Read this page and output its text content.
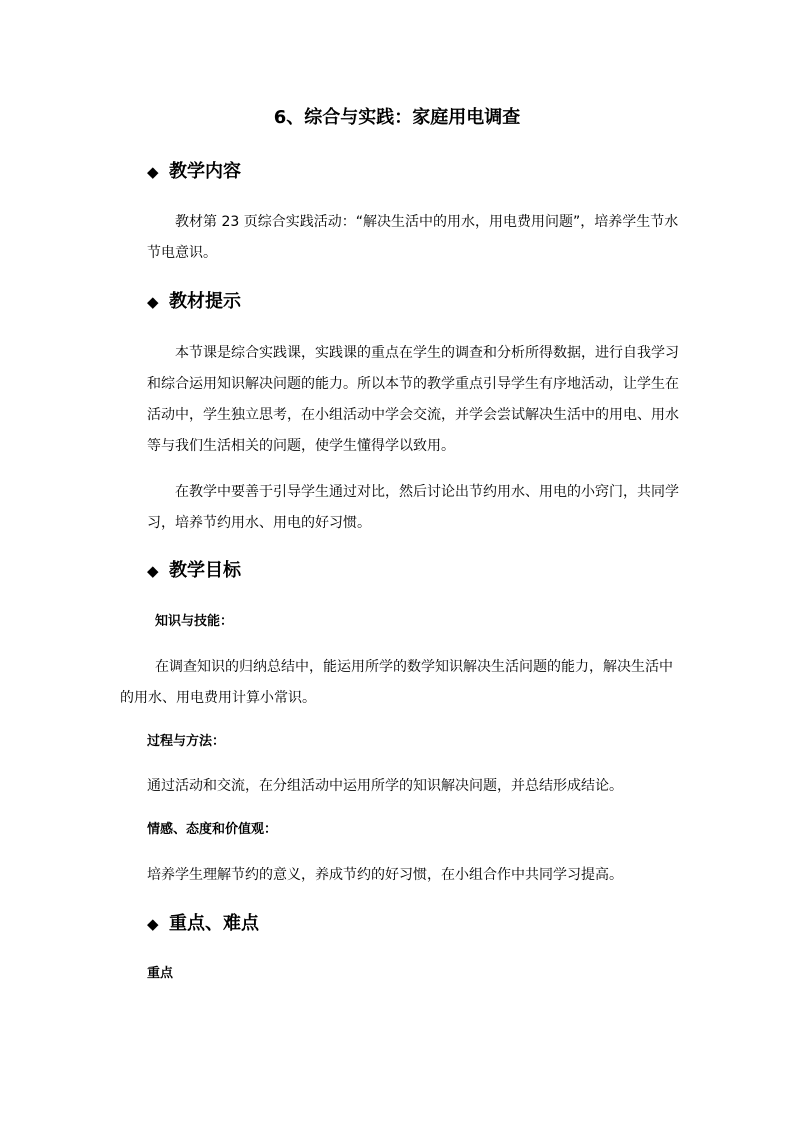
6、综合与实践：家庭用电调查
◆ 教学内容
教材第 23 页综合实践活动：“解决生活中的用水，用电费用问题”，培养学生节水
节电意识。
◆ 教材提示
本节课是综合实践课，实践课的重点在学生的调查和分析所得数据，进行自我学习
和综合运用知识解决问题的能力。所以本节的教学重点引导学生有序地活动，让学生在
活动中，学生独立思考，在小组活动中学会交流，并学会尝试解决生活中的用电、用水
等与我们生活相关的问题，使学生懂得学以致用。
在教学中要善于引导学生通过对比，然后讨论出节约用水、用电的小窍门，共同学
习，培养节约用水、用电的好习惯。
◆ 教学目标
知识与技能：
在调查知识的归纳总结中，能运用所学的数学知识解决生活问题的能力，解决生活中
的用水、用电费用计算小常识。
过程与方法：
通过活动和交流，在分组活动中运用所学的知识解决问题，并总结形成结论。
情感、态度和价值观：
培养学生理解节约的意义，养成节约的好习惯，在小组合作中共同学习提高。
◆ 重点、难点
重点
